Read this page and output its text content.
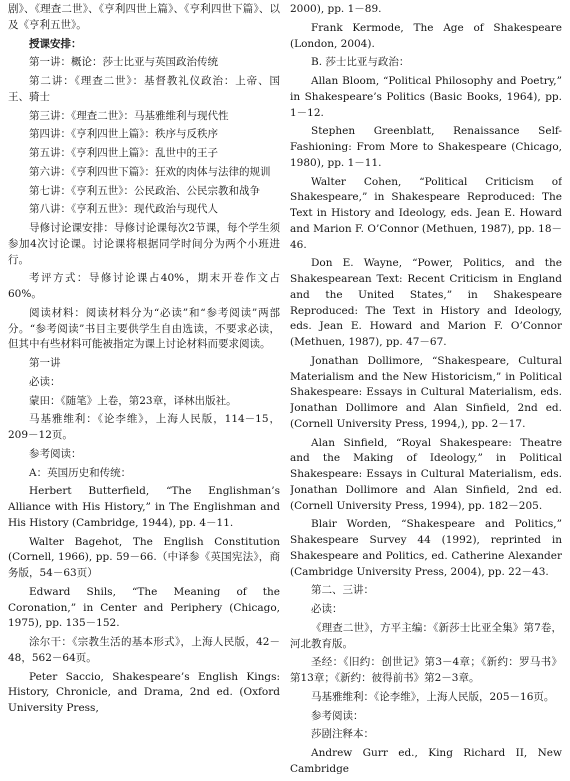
剧》、《理查二世》、《亨利四世上篇》、《亨利四世下篇》、以及《亨利五世》。

授课安排：

第一讲：概论：莎士比亚与英国政治传统

第二讲：《理查二世》：基督教礼仪政治：上帝、国王、骑士

第三讲：《理查二世》：马基雅维利与现代性

第四讲：《亨利四世上篇》：秩序与反秩序

第五讲：《亨利四世上篇》：乱世中的王子

第六讲：《亨利四世下篇》：狂欢的肉体与法律的规训

第七讲：《亨利五世》：公民政治、公民宗教和战争

第八讲：《亨利五世》：现代政治与现代人

导修讨论课安排：导修讨论课每次2节课，每个学生须参加4次讨论课。讨论课将根据同学时间分为两个小班进行。

考评方式：导修讨论课占40%，期末开卷作文占60%。

阅读材料：阅读材料分为“必读”和“参考阅读”两部分。“参考阅读”书目主要供学生自由选读，不要求必读，但其中有些材料可能被指定为课上讨论材料而要求阅读。

第一讲

必读：

蒙田：《随笔》上卷，第23章，译林出版社。

马基雅维利：《论李维》，上海人民版，114－15，209－12页。

参考阅读：

A：英国历史和传统：

Herbert Butterfield, “The Englishman’s Alliance with His History,” in The Englishman and His History (Cambridge, 1944), pp. 4－11.

Walter Bagehot, The English Constitution (Cornell, 1966), pp. 59－66.（中译参《英国宪法》，商务版，54－63页）

Edward Shils, “The Meaning of the Coronation,” in Center and Periphery (Chicago, 1975), pp. 135－152.

涂尔干：《宗教生活的基本形式》，上海人民版，42－48，562－64页。

Peter Saccio, Shakespeare’s English Kings: History, Chronicle, and Drama, 2nd ed. (Oxford University Press,

2000), pp. 1－89.

Frank Kermode, The Age of Shakespeare (London, 2004).

B. 莎士比亚与政治：

Allan Bloom, “Political Philosophy and Poetry,” in Shakespeare’s Politics (Basic Books, 1964), pp. 1－12.

Stephen Greenblatt, Renaissance Self-Fashioning: From More to Shakespeare (Chicago, 1980), pp. 1－11.

Walter Cohen, “Political Criticism of Shakespeare,” in Shakespeare Reproduced: The Text in History and Ideology, eds. Jean E. Howard and Marion F. O’Connor (Methuen, 1987), pp. 18－46.

Don E. Wayne, “Power, Politics, and the Shakespearean Text: Recent Criticism in England and the United States,” in Shakespeare Reproduced: The Text in History and Ideology, eds. Jean E. Howard and Marion F. O’Connor (Methuen, 1987), pp. 47－67.

Jonathan Dollimore, “Shakespeare, Cultural Materialism and the New Historicism,” in Political Shakespeare: Essays in Cultural Materialism, eds. Jonathan Dollimore and Alan Sinfield, 2nd ed. (Cornell University Press, 1994,), pp. 2－17.

Alan Sinfield, “Royal Shakespeare: Theatre and the Making of Ideology,” in Political Shakespeare: Essays in Cultural Materialism, eds. Jonathan Dollimore and Alan Sinfield, 2nd ed. (Cornell University Press, 1994), pp. 182－205.

Blair Worden, “Shakespeare and Politics,” Shakespeare Survey 44 (1992), reprinted in Shakespeare and Politics, ed. Catherine Alexander (Cambridge University Press, 2004), pp. 22－43.

第二、三讲：

必读：

《理查二世》，方平主编：《新莎士比亚全集》第7卷，河北教育版。

圣经：《旧约：创世记》第3－4章；《新约：罗马书》第13章；《新约：彼得前书》第2－3章。

马基雅维利：《论李维》，上海人民版，205－16页。

参考阅读：

莎剧注释本：

Andrew Gurr ed., King Richard II, New Cambridge
